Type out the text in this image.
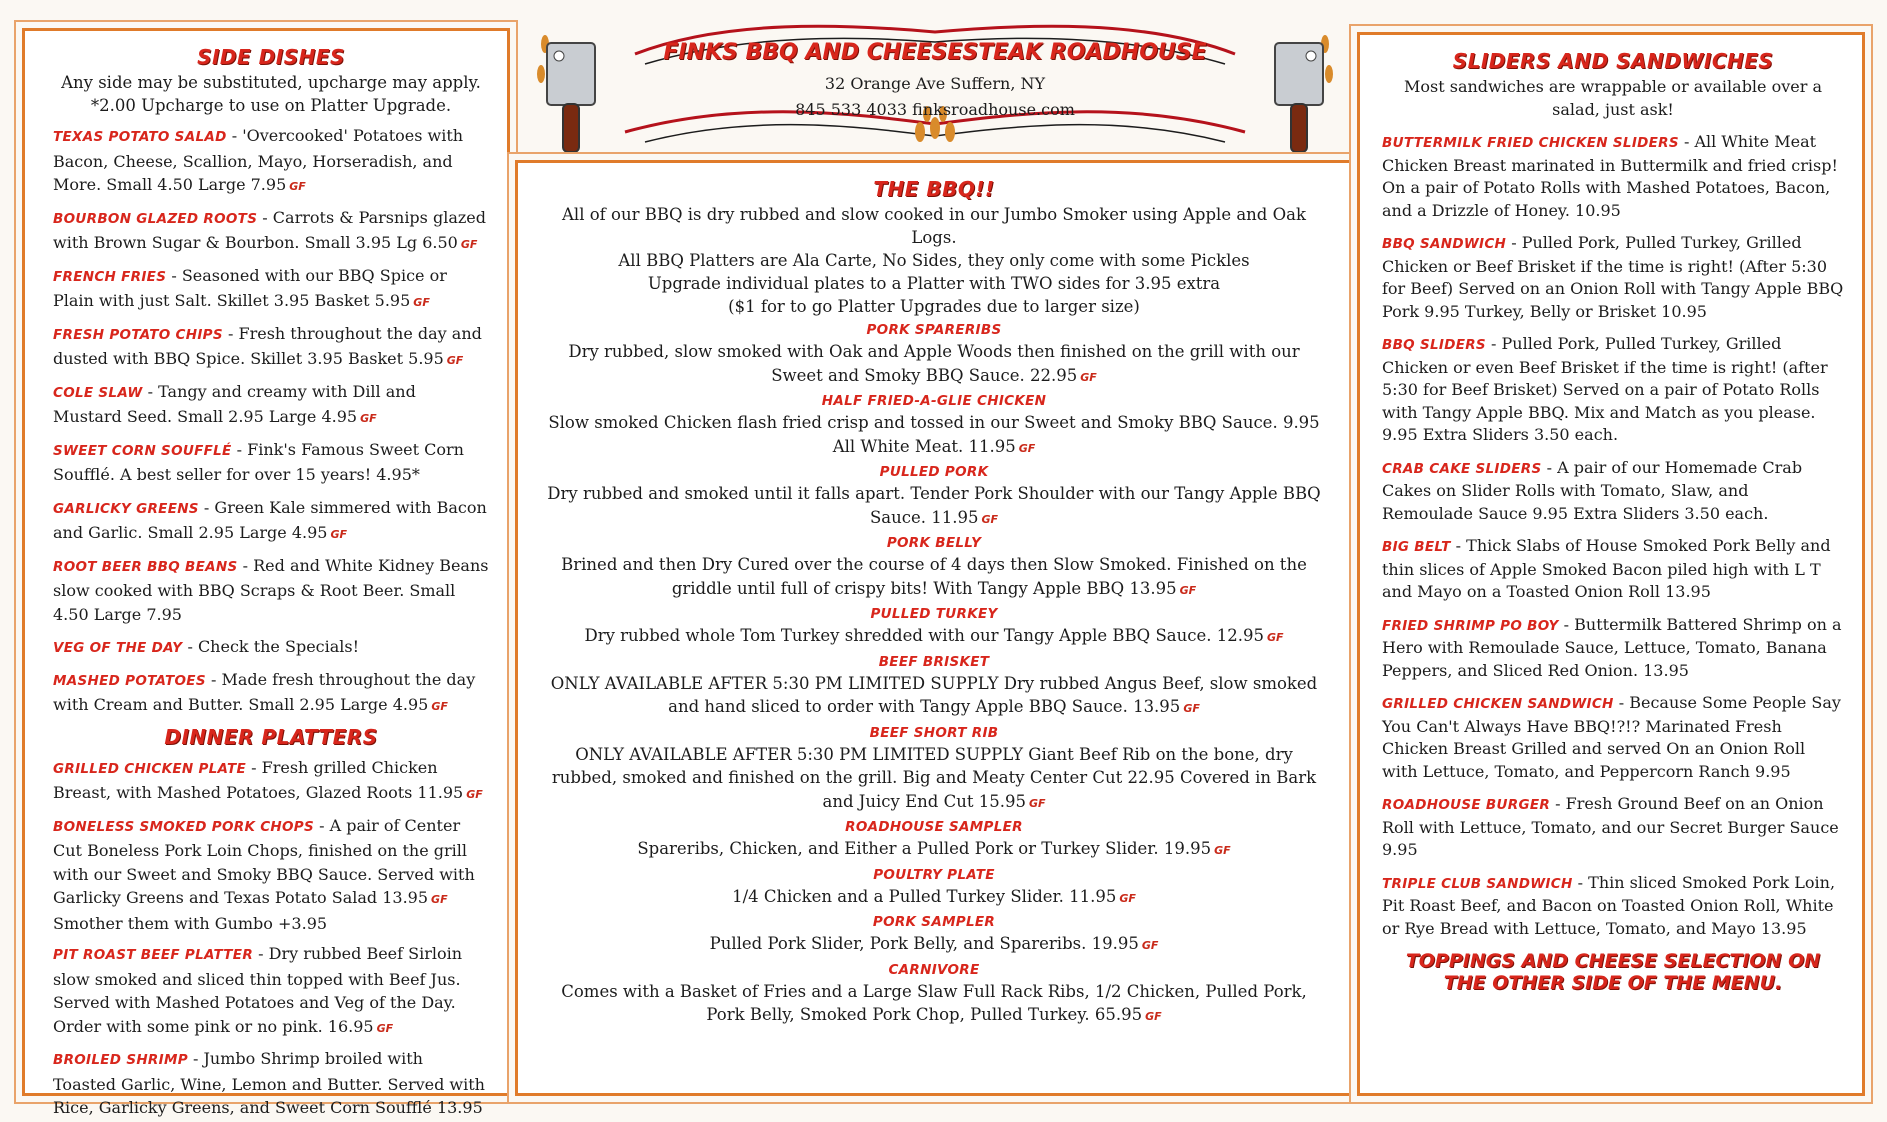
FINKS BBQ AND CHEESESTEAK ROADHOUSE
32 Orange Ave Suffern, NY
845 533 4033 finksroadhouse.com
SIDE DISHES
Any side may be substituted, upcharge may apply.
*2.00 Upcharge to use on Platter Upgrade.
TEXAS POTATO SALAD - 'Overcooked' Potatoes with Bacon, Cheese, Scallion, Mayo, Horseradish, and More. Small 4.50 Large 7.95 GF
BOURBON GLAZED ROOTS - Carrots & Parsnips glazed with Brown Sugar & Bourbon. Small 3.95 Lg 6.50 GF
FRENCH FRIES - Seasoned with our BBQ Spice or Plain with just Salt. Skillet 3.95 Basket 5.95 GF
FRESH POTATO CHIPS - Fresh throughout the day and dusted with BBQ Spice. Skillet 3.95 Basket 5.95 GF
COLE SLAW - Tangy and creamy with Dill and Mustard Seed. Small 2.95 Large 4.95 GF
SWEET CORN SOUFFLÉ - Fink's Famous Sweet Corn Soufflé. A best seller for over 15 years! 4.95*
GARLICKY GREENS - Green Kale simmered with Bacon and Garlic. Small 2.95 Large 4.95 GF
ROOT BEER BBQ BEANS - Red and White Kidney Beans slow cooked with BBQ Scraps & Root Beer. Small 4.50 Large 7.95
VEG OF THE DAY - Check the Specials!
MASHED POTATOES - Made fresh throughout the day with Cream and Butter. Small 2.95 Large 4.95 GF
DINNER PLATTERS
GRILLED CHICKEN PLATE - Fresh grilled Chicken Breast, with Mashed Potatoes, Glazed Roots 11.95 GF
BONELESS SMOKED PORK CHOPS - A pair of Center Cut Boneless Pork Loin Chops, finished on the grill with our Sweet and Smoky BBQ Sauce. Served with Garlicky Greens and Texas Potato Salad 13.95 GF
Smother them with Gumbo +3.95
PIT ROAST BEEF PLATTER - Dry rubbed Beef Sirloin slow smoked and sliced thin topped with Beef Jus. Served with Mashed Potatoes and Veg of the Day. Order with some pink or no pink. 16.95 GF
BROILED SHRIMP - Jumbo Shrimp broiled with Toasted Garlic, Wine, Lemon and Butter. Served with Rice, Garlicky Greens, and Sweet Corn Soufflé 13.95
THE BBQ!!
All of our BBQ is dry rubbed and slow cooked in our Jumbo Smoker using Apple and Oak Logs.
All BBQ Platters are Ala Carte, No Sides, they only come with some Pickles
Upgrade individual plates to a Platter with TWO sides for 3.95 extra
($1 for to go Platter Upgrades due to larger size)
PORK SPARERIBS
Dry rubbed, slow smoked with Oak and Apple Woods then finished on the grill with our Sweet and Smoky BBQ Sauce. 22.95 GF
HALF FRIED-A-GLIE CHICKEN
Slow smoked Chicken flash fried crisp and tossed in our Sweet and Smoky BBQ Sauce. 9.95 All White Meat. 11.95 GF
PULLED PORK
Dry rubbed and smoked until it falls apart. Tender Pork Shoulder with our Tangy Apple BBQ Sauce. 11.95 GF
PORK BELLY
Brined and then Dry Cured over the course of 4 days then Slow Smoked. Finished on the griddle until full of crispy bits! With Tangy Apple BBQ 13.95 GF
PULLED TURKEY
Dry rubbed whole Tom Turkey shredded with our Tangy Apple BBQ Sauce. 12.95 GF
BEEF BRISKET
ONLY AVAILABLE AFTER 5:30 PM LIMITED SUPPLY Dry rubbed Angus Beef, slow smoked and hand sliced to order with Tangy Apple BBQ Sauce. 13.95 GF
BEEF SHORT RIB
ONLY AVAILABLE AFTER 5:30 PM LIMITED SUPPLY Giant Beef Rib on the bone, dry rubbed, smoked and finished on the grill. Big and Meaty Center Cut 22.95 Covered in Bark and Juicy End Cut 15.95 GF
ROADHOUSE SAMPLER
Spareribs, Chicken, and Either a Pulled Pork or Turkey Slider. 19.95 GF
POULTRY PLATE
1/4 Chicken and a Pulled Turkey Slider. 11.95 GF
PORK SAMPLER
Pulled Pork Slider, Pork Belly, and Spareribs. 19.95 GF
CARNIVORE
Comes with a Basket of Fries and a Large Slaw Full Rack Ribs, 1/2 Chicken, Pulled Pork, Pork Belly, Smoked Pork Chop, Pulled Turkey. 65.95 GF
SLIDERS AND SANDWICHES
Most sandwiches are wrappable or available over a salad, just ask!
BUTTERMILK FRIED CHICKEN SLIDERS - All White Meat Chicken Breast marinated in Buttermilk and fried crisp! On a pair of Potato Rolls with Mashed Potatoes, Bacon, and a Drizzle of Honey. 10.95
BBQ SANDWICH - Pulled Pork, Pulled Turkey, Grilled Chicken or Beef Brisket if the time is right! (After 5:30 for Beef) Served on an Onion Roll with Tangy Apple BBQ Pork 9.95 Turkey, Belly or Brisket 10.95
BBQ SLIDERS - Pulled Pork, Pulled Turkey, Grilled Chicken or even Beef Brisket if the time is right! (after 5:30 for Beef Brisket) Served on a pair of Potato Rolls with Tangy Apple BBQ. Mix and Match as you please. 9.95 Extra Sliders 3.50 each.
CRAB CAKE SLIDERS - A pair of our Homemade Crab Cakes on Slider Rolls with Tomato, Slaw, and Remoulade Sauce 9.95 Extra Sliders 3.50 each.
BIG BELT - Thick Slabs of House Smoked Pork Belly and thin slices of Apple Smoked Bacon piled high with L T and Mayo on a Toasted Onion Roll 13.95
FRIED SHRIMP PO BOY - Buttermilk Battered Shrimp on a Hero with Remoulade Sauce, Lettuce, Tomato, Banana Peppers, and Sliced Red Onion. 13.95
GRILLED CHICKEN SANDWICH - Because Some People Say You Can't Always Have BBQ!?!? Marinated Fresh Chicken Breast Grilled and served On an Onion Roll with Lettuce, Tomato, and Peppercorn Ranch 9.95
ROADHOUSE BURGER - Fresh Ground Beef on an Onion Roll with Lettuce, Tomato, and our Secret Burger Sauce 9.95
TRIPLE CLUB SANDWICH - Thin sliced Smoked Pork Loin, Pit Roast Beef, and Bacon on Toasted Onion Roll, White or Rye Bread with Lettuce, Tomato, and Mayo 13.95
TOPPINGS AND CHEESE SELECTION ON THE OTHER SIDE OF THE MENU.
